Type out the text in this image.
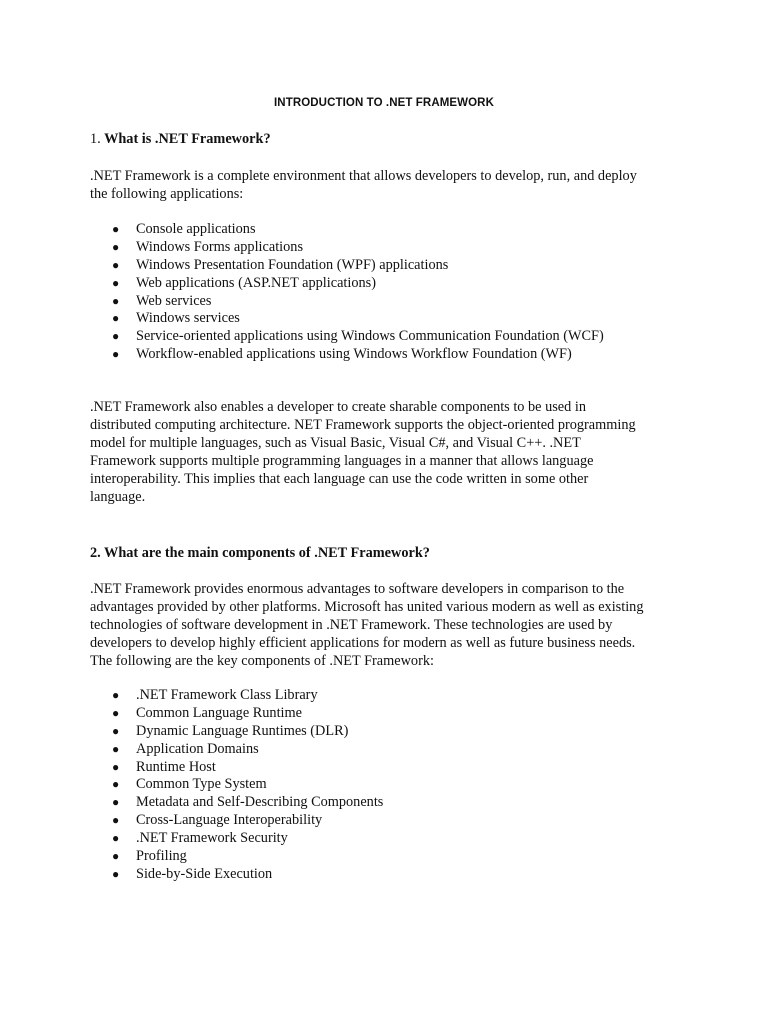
INTRODUCTION TO .NET FRAMEWORK
1. What is .NET Framework?
.NET Framework is a complete environment that allows developers to develop, run, and deploy
the following applications:
● Console applications
● Windows Forms applications
● Windows Presentation Foundation (WPF) applications
● Web applications (ASP.NET applications)
● Web services
● Windows services
● Service-oriented applications using Windows Communication Foundation (WCF)
● Workflow-enabled applications using Windows Workflow Foundation (WF)
.NET Framework also enables a developer to create sharable components to be used in
distributed computing architecture. NET Framework supports the object-oriented programming
model for multiple languages, such as Visual Basic, Visual C#, and Visual C++. .NET
Framework supports multiple programming languages in a manner that allows language
interoperability. This implies that each language can use the code written in some other
language.
2. What are the main components of .NET Framework?
.NET Framework provides enormous advantages to software developers in comparison to the
advantages provided by other platforms. Microsoft has united various modern as well as existing
technologies of software development in .NET Framework. These technologies are used by
developers to develop highly efficient applications for modern as well as future business needs.
The following are the key components of .NET Framework:
● .NET Framework Class Library
● Common Language Runtime
● Dynamic Language Runtimes (DLR)
● Application Domains
● Runtime Host
● Common Type System
● Metadata and Self-Describing Components
● Cross-Language Interoperability
● .NET Framework Security
● Profiling
● Side-by-Side Execution
